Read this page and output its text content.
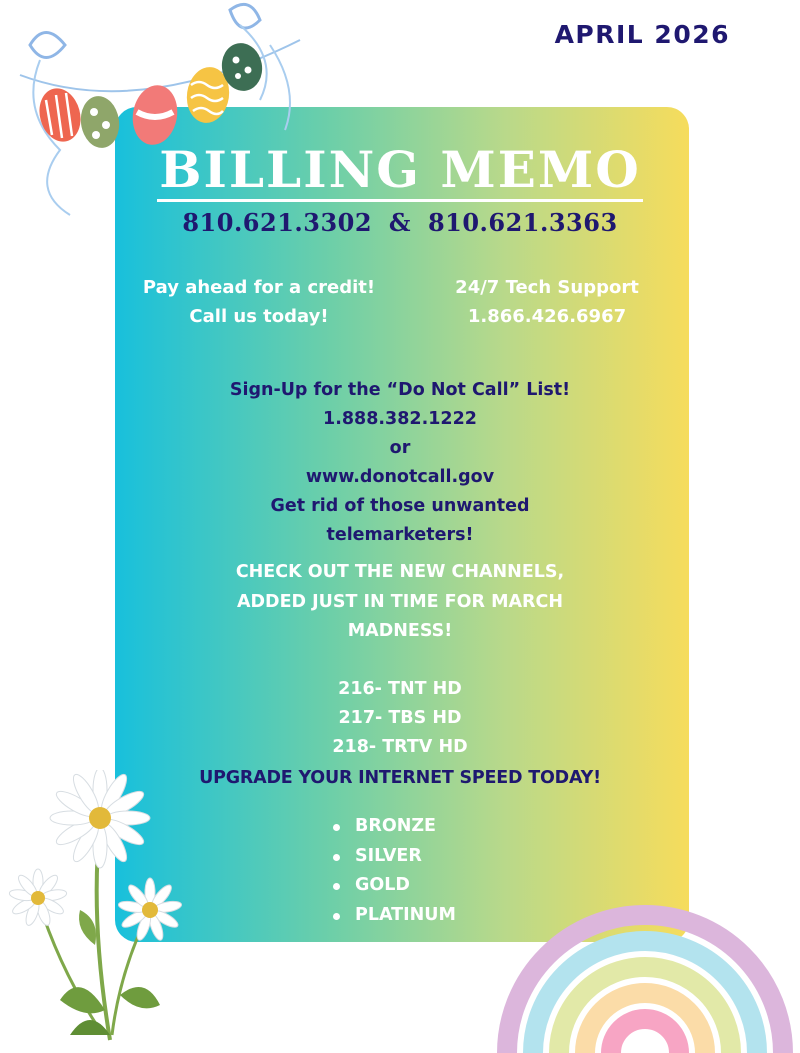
APRIL 2026
BILLING MEMO
810.621.3302 & 810.621.3363
Pay ahead for a credit!
Call us today!
24/7 Tech Support
1.866.426.6967
Sign-Up for the “Do Not Call” List!
1.888.382.1222
or
www.donotcall.gov
Get rid of those unwanted
telemarketers!
CHECK OUT THE NEW CHANNELS,
ADDED JUST IN TIME FOR MARCH
MADNESS!
216- TNT HD
217- TBS HD
218- TRTV HD
UPGRADE YOUR INTERNET SPEED TODAY!
BRONZE
SILVER
GOLD
PLATINUM
